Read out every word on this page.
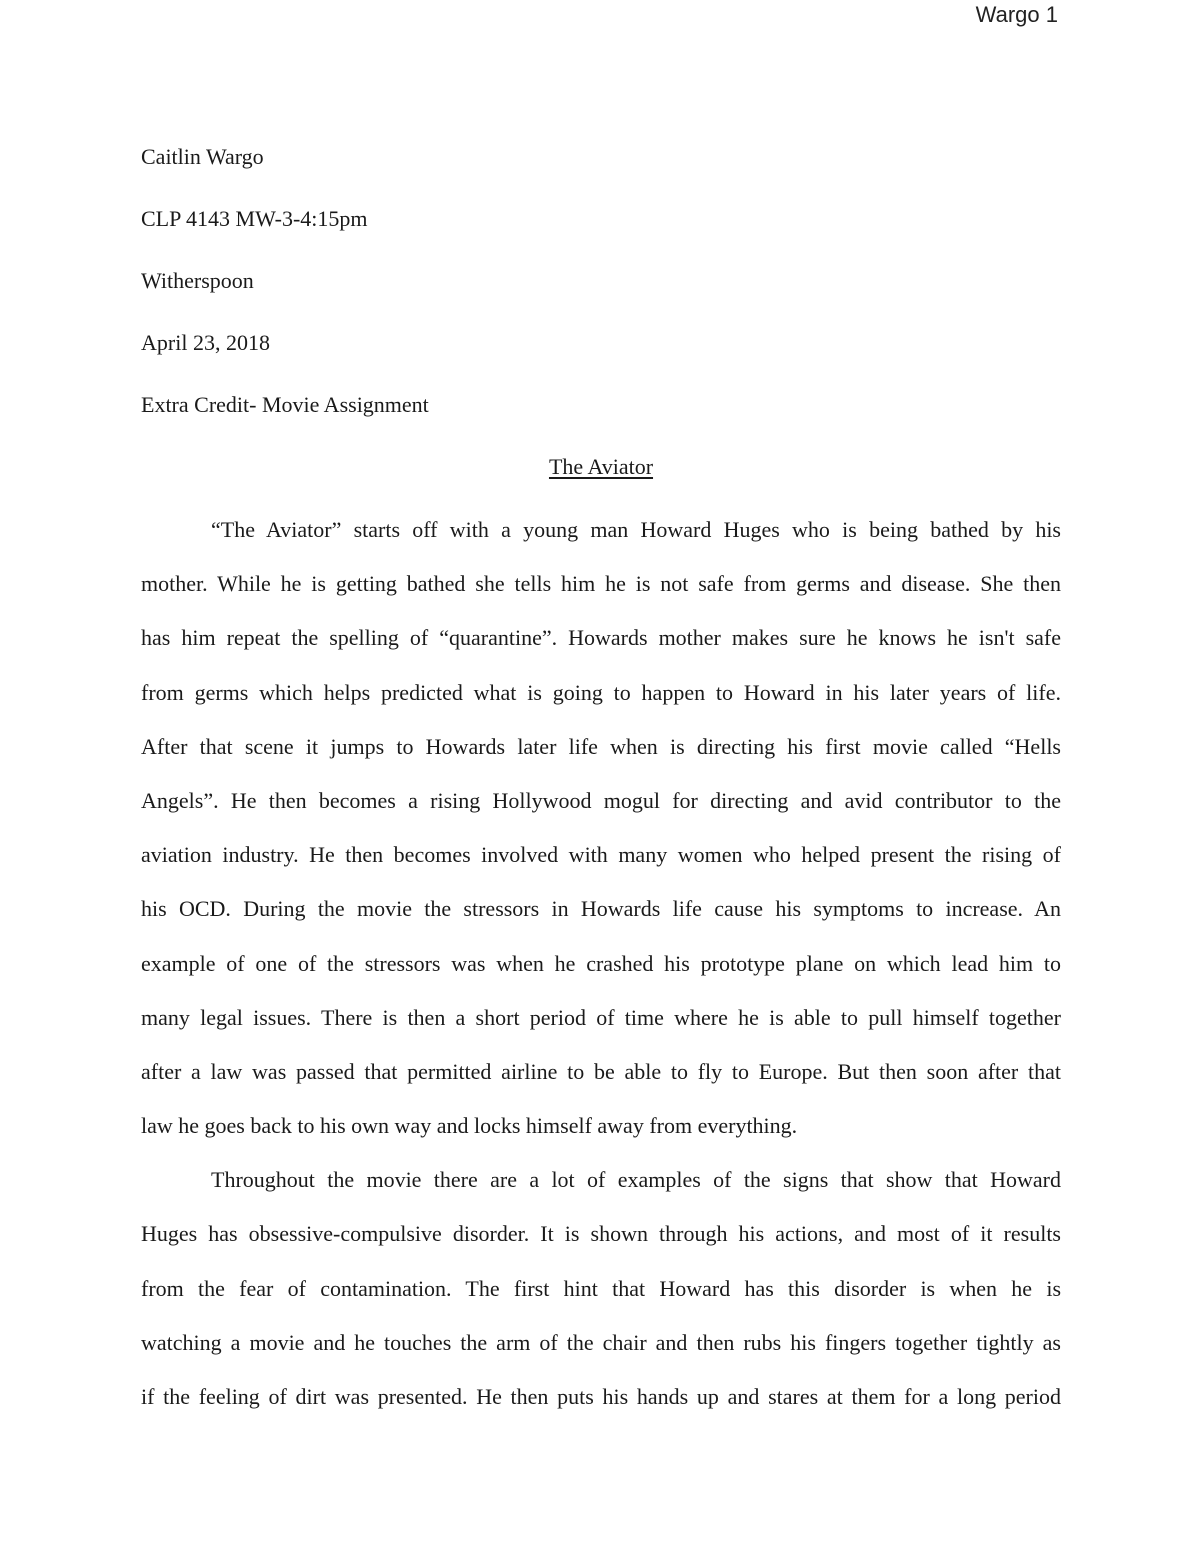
Wargo 1
Caitlin Wargo
CLP 4143 MW-3-4:15pm
Witherspoon
April 23, 2018
Extra Credit- Movie Assignment
The Aviator
“The Aviator” starts off with a young man Howard Huges who is being bathed by his
mother. While he is getting bathed she tells him he is not safe from germs and disease. She then
has him repeat the spelling of “quarantine”. Howards mother makes sure he knows he isn't safe
from germs which helps predicted what is going to happen to Howard in his later years of life.
After that scene it jumps to Howards later life when is directing his first movie called “Hells
Angels”. He then becomes a rising Hollywood mogul for directing and avid contributor to the
aviation industry. He then becomes involved with many women who helped present the rising of
his OCD. During the movie the stressors in Howards life cause his symptoms to increase. An
example of one of the stressors was when he crashed his prototype plane on which lead him to
many legal issues. There is then a short period of time where he is able to pull himself together
after a law was passed that permitted airline to be able to fly to Europe. But then soon after that
law he goes back to his own way and locks himself away from everything.
Throughout the movie there are a lot of examples of the signs that show that Howard
Huges has obsessive-compulsive disorder. It is shown through his actions, and most of it results
from the fear of contamination. The first hint that Howard has this disorder is when he is
watching a movie and he touches the arm of the chair and then rubs his fingers together tightly as
if the feeling of dirt was presented. He then puts his hands up and stares at them for a long period
